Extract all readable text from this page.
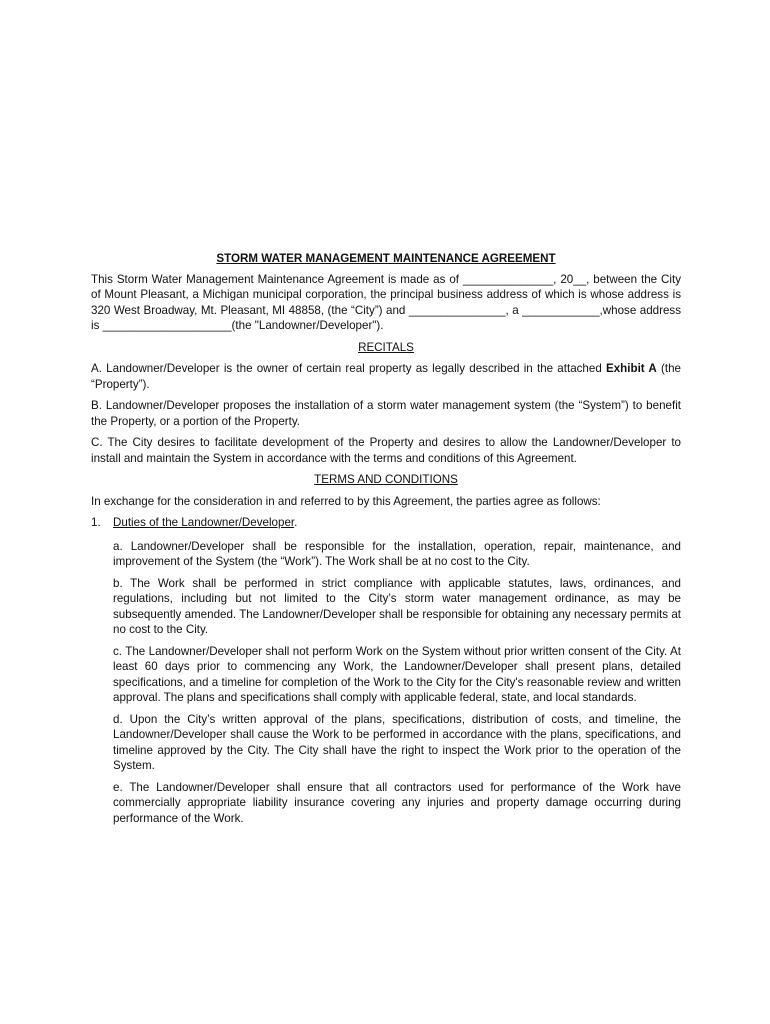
STORM WATER MANAGEMENT MAINTENANCE AGREEMENT
This Storm Water Management Maintenance Agreement is made as of ______________, 20__, between the City of Mount Pleasant, a Michigan municipal corporation, the principal business address of which is whose address is 320 West Broadway, Mt. Pleasant, MI 48858, (the “City”) and _______________, a ____________,whose address is ____________________(the "Landowner/Developer").
RECITALS
A. Landowner/Developer is the owner of certain real property as legally described in the attached Exhibit A (the “Property”).
B. Landowner/Developer proposes the installation of a storm water management system (the “System”) to benefit the Property, or a portion of the Property.
C. The City desires to facilitate development of the Property and desires to allow the Landowner/Developer to install and maintain the System in accordance with the terms and conditions of this Agreement.
TERMS AND CONDITIONS
In exchange for the consideration in and referred to by this Agreement, the parties agree as follows:
1.	Duties of the Landowner/Developer.
a. Landowner/Developer shall be responsible for the installation, operation, repair, maintenance, and improvement of the System (the “Work”). The Work shall be at no cost to the City.
b. The Work shall be performed in strict compliance with applicable statutes, laws, ordinances, and regulations, including but not limited to the City’s storm water management ordinance, as may be subsequently amended. The Landowner/Developer shall be responsible for obtaining any necessary permits at no cost to the City.
c. The Landowner/Developer shall not perform Work on the System without prior written consent of the City. At least 60 days prior to commencing any Work, the Landowner/Developer shall present plans, detailed specifications, and a timeline for completion of the Work to the City for the City's reasonable review and written approval. The plans and specifications shall comply with applicable federal, state, and local standards.
d. Upon the City’s written approval of the plans, specifications, distribution of costs, and timeline, the Landowner/Developer shall cause the Work to be performed in accordance with the plans, specifications, and timeline approved by the City. The City shall have the right to inspect the Work prior to the operation of the System.
e. The Landowner/Developer shall ensure that all contractors used for performance of the Work have commercially appropriate liability insurance covering any injuries and property damage occurring during performance of the Work.
